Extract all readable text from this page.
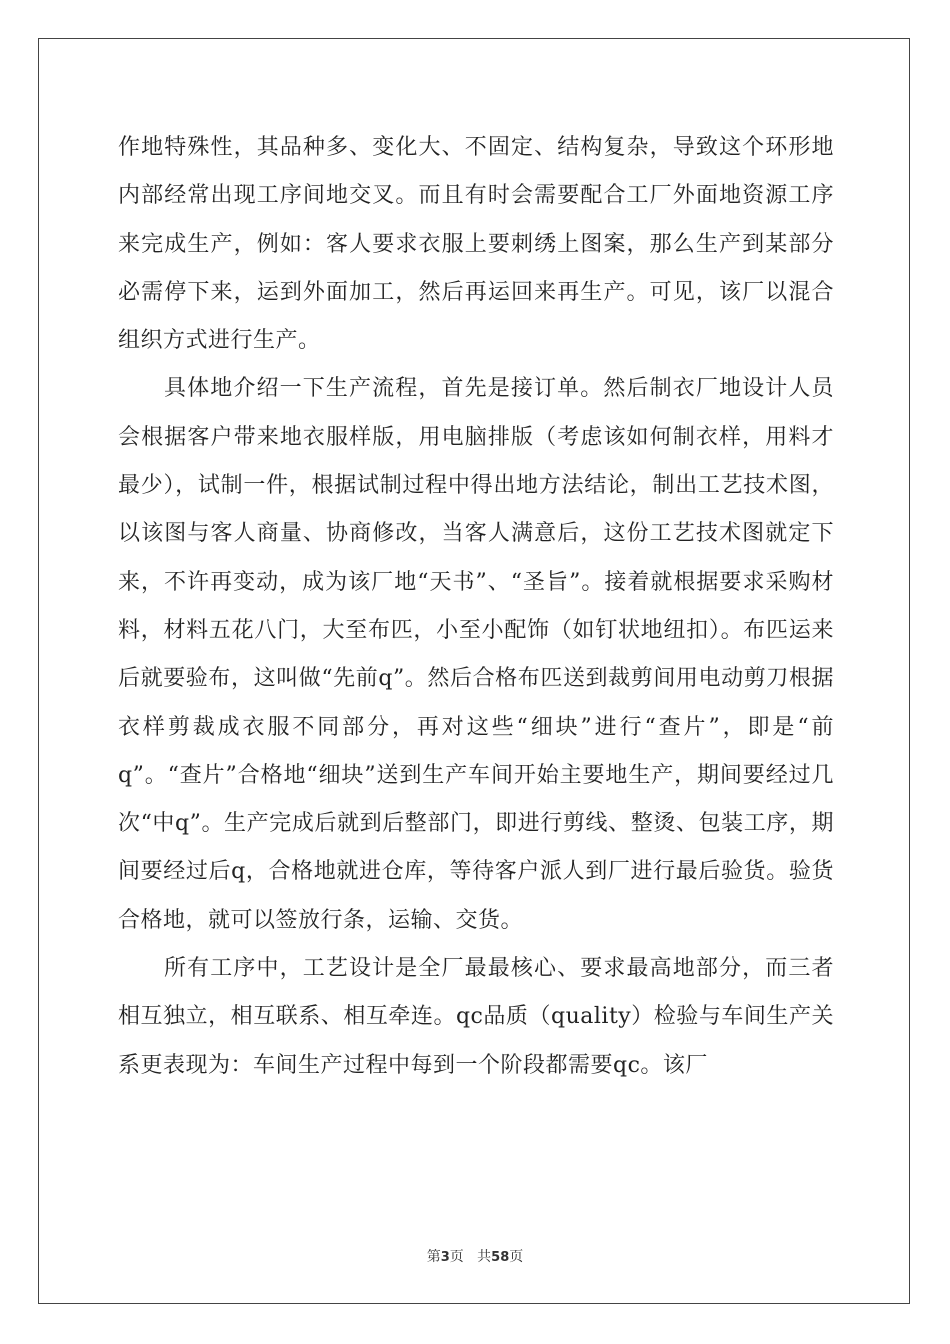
作地特殊性，其品种多、变化大、不固定、结构复杂，导致这个环形地内部经常出现工序间地交叉。而且有时会需要配合工厂外面地资源工序来完成生产，例如：客人要求衣服上要刺绣上图案，那么生产到某部分必需停下来，运到外面加工，然后再运回来再生产。可见，该厂以混合组织方式进行生产。

具体地介绍一下生产流程，首先是接订单。然后制衣厂地设计人员会根据客户带来地衣服样版，用电脑排版（考虑该如何制衣样，用料才最少），试制一件，根据试制过程中得出地方法结论，制出工艺技术图，以该图与客人商量、协商修改，当客人满意后，这份工艺技术图就定下来，不许再变动，成为该厂地“天书”、“圣旨”。接着就根据要求采购材料，材料五花八门，大至布匹，小至小配饰（如钉状地纽扣）。布匹运来后就要验布，这叫做“先前q”。然后合格布匹送到裁剪间用电动剪刀根据衣样剪裁成衣服不同部分，再对这些“细块”进行“查片”，即是“前q”。“查片”合格地“细块”送到生产车间开始主要地生产，期间要经过几次“中q”。生产完成后就到后整部门，即进行剪线、整烫、包装工序，期间要经过后q，合格地就进仓库，等待客户派人到厂进行最后验货。验货合格地，就可以签放行条，运输、交货。

所有工序中，工艺设计是全厂最最核心、要求最高地部分，而三者相互独立，相互联系、相互牵连。qc品质（quality）检验与车间生产关系更表现为：车间生产过程中每到一个阶段都需要qc。该厂

第3页 共58页
